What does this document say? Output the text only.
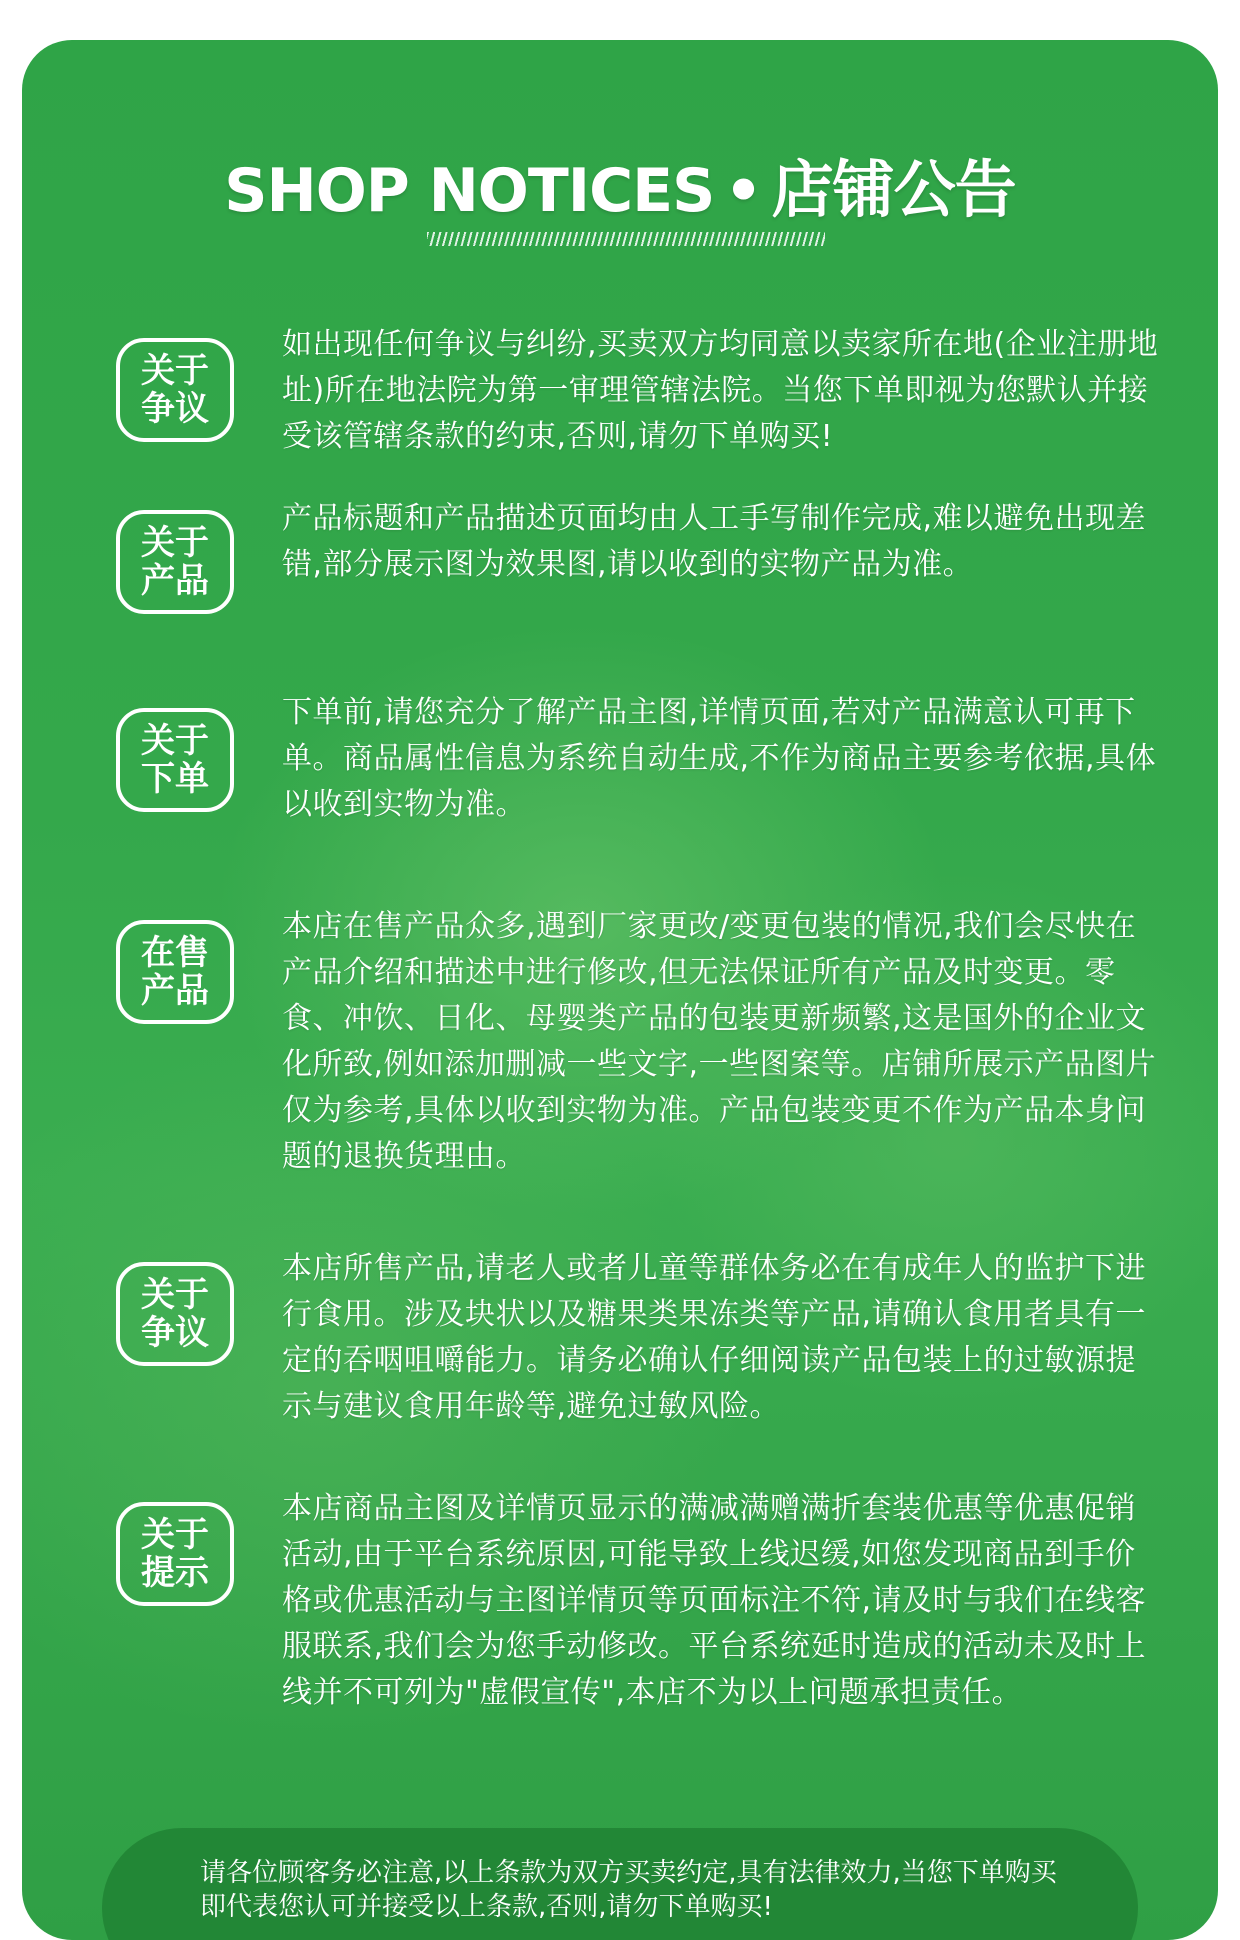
SHOP NOTICES • 店铺公告
关于
争议
如出现任何争议与纠纷,买卖双方均同意以卖家所在地(企业注册地址)所在地法院为第一审理管辖法院。当您下单即视为您默认并接受该管辖条款的约束,否则,请勿下单购买!
关于
产品
产品标题和产品描述页面均由人工手写制作完成,难以避免出现差错,部分展示图为效果图,请以收到的实物产品为准。
关于
下单
下单前,请您充分了解产品主图,详情页面,若对产品满意认可再下单。商品属性信息为系统自动生成,不作为商品主要参考依据,具体以收到实物为准。
在售
产品
本店在售产品众多,遇到厂家更改/变更包装的情况,我们会尽快在产品介绍和描述中进行修改,但无法保证所有产品及时变更。零食、冲饮、日化、母婴类产品的包装更新频繁,这是国外的企业文化所致,例如添加删减一些文字,一些图案等。店铺所展示产品图片仅为参考,具体以收到实物为准。产品包装变更不作为产品本身问题的退换货理由。
关于
争议
本店所售产品,请老人或者儿童等群体务必在有成年人的监护下进行食用。涉及块状以及糖果类果冻类等产品,请确认食用者具有一定的吞咽咀嚼能力。请务必确认仔细阅读产品包装上的过敏源提示与建议食用年龄等,避免过敏风险。
关于
提示
本店商品主图及详情页显示的满减满赠满折套装优惠等优惠促销活动,由于平台系统原因,可能导致上线迟缓,如您发现商品到手价格或优惠活动与主图详情页等页面标注不符,请及时与我们在线客服联系,我们会为您手动修改。平台系统延时造成的活动未及时上线并不可列为"虚假宣传",本店不为以上问题承担责任。
请各位顾客务必注意,以上条款为双方买卖约定,具有法律效力,当您下单购买即代表您认可并接受以上条款,否则,请勿下单购买!
